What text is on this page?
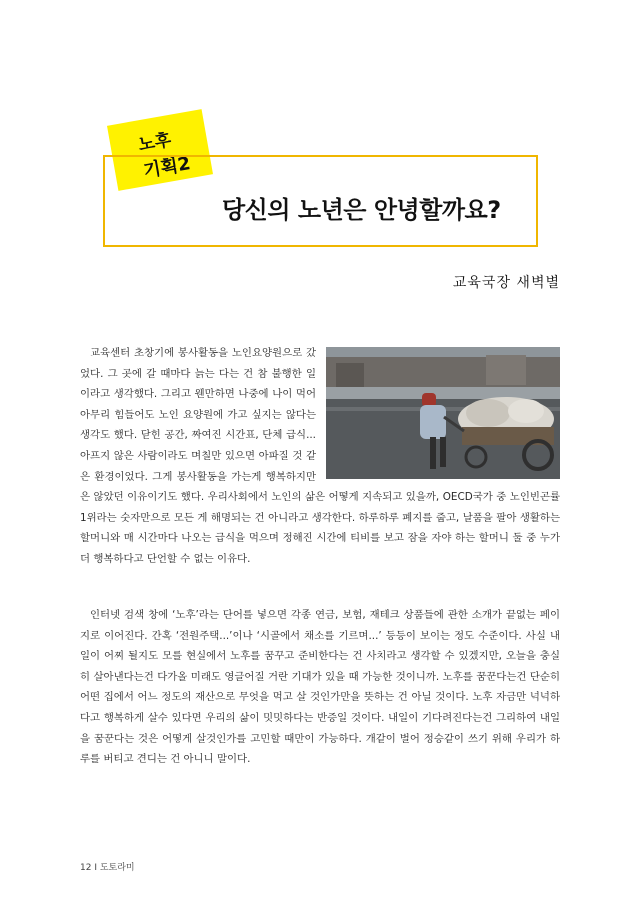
노후
기획2
당신의 노년은 안녕할까요?
교육국장 새벽별

교육센터 초창기에 봉사활동을 노인요양원으로 갔었다. 그 곳에 갈 때마다 늙는 다는 건 참 불행한 일이라고 생각했다. 그리고 웬만하면 나중에 나이 먹어 아무리 힘들어도 노인 요양원에 가고 싶지는 않다는 생각도 했다. 닫힌 공간, 짜여진 시간표, 단체 급식... 아프지 않은 사람이라도 며칠만 있으면 아파질 것 같은 환경이었다. 그게 봉사활동을 가는게 행복하지만은 않았던 이유이기도 했다. 우리사회에서 노인의 삶은 어떻게 지속되고 있을까, OECD국가 중 노인빈곤률 1위라는 숫자만으로 모든 게 해명되는 건 아니라고 생각한다. 하루하루 폐지를 줍고, 날품을 팔아 생활하는 할머니와 매 시간마다 나오는 급식을 먹으며 정해진 시간에 티비를 보고 잠을 자야 하는 할머니 둘 중 누가 더 행복하다고 단언할 수 없는 이유다.

인터넷 검색 창에 ‘노후’라는 단어를 넣으면 각종 연금, 보험, 재테크 상품들에 관한 소개가 끝없는 페이지로 이어진다. 간혹 ‘전원주택...’이나 ‘시골에서 채소를 기르며...’ 등등이 보이는 정도 수준이다. 사실 내일이 어찌 될지도 모를 현실에서 노후를 꿈꾸고 준비한다는 건 사치라고 생각할 수 있겠지만, 오늘을 충실히 살아낸다는건 다가올 미래도 영글어질 거란 기대가 있을 때 가능한 것이니까. 노후를 꿈꾼다는건 단순히 어떤 집에서 어느 정도의 재산으로 무엇을 먹고 살 것인가만을 뜻하는 건 아닐 것이다. 노후 자금만 넉넉하다고 행복하게 살수 있다면 우리의 삶이 밋밋하다는 반증일 것이다. 내일이 기다려진다는건 그리하여 내일을 꿈꾼다는 것은 어떻게 살것인가를 고민할 때만이 가능하다. 개같이 벌어 정승같이 쓰기 위해 우리가 하루를 버티고 견디는 건 아니니 말이다.

12 I 도토라미
